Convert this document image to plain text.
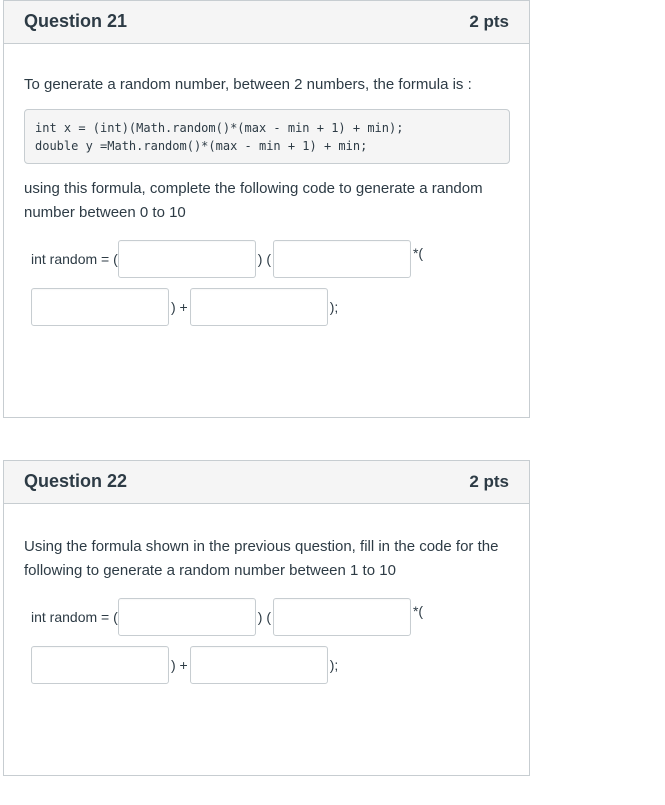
Question 21	2 pts
To generate a random number, between 2 numbers, the formula is :
int x = (int)(Math.random()*(max - min + 1) + min);
double y =Math.random()*(max - min + 1) + min;
using this formula, complete the following code to generate a random number between 0 to 10
int random = (	) (	*(
) +	);
Question 22	2 pts
Using the formula shown in the previous question, fill in the code for the following to generate a random number between 1 to 10
int random = (	) (	*(
) +	);
